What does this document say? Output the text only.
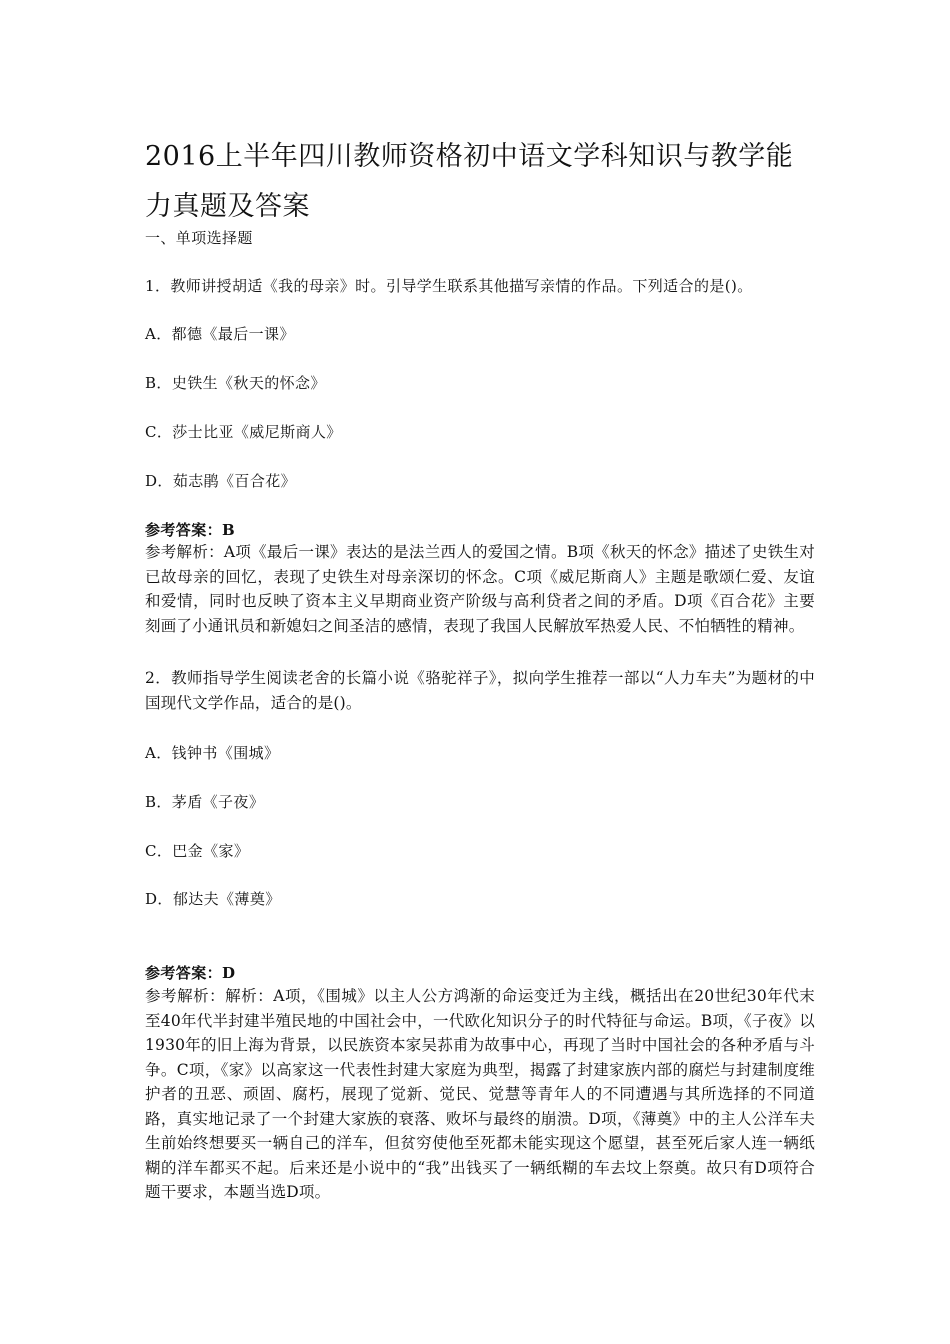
2016上半年四川教师资格初中语文学科知识与教学能力真题及答案
一、单项选择题
1．教师讲授胡适《我的母亲》时。引导学生联系其他描写亲情的作品。下列适合的是()。
A．都德《最后一课》
B．史铁生《秋天的怀念》
C．莎士比亚《威尼斯商人》
D．茹志鹃《百合花》
参考答案：B
参考解析：A项《最后一课》表达的是法兰西人的爱国之情。B项《秋天的怀念》描述了史铁生对已故母亲的回忆，表现了史铁生对母亲深切的怀念。C项《威尼斯商人》主题是歌颂仁爱、友谊和爱情，同时也反映了资本主义早期商业资产阶级与高利贷者之间的矛盾。D项《百合花》主要刻画了小通讯员和新媳妇之间圣洁的感情，表现了我国人民解放军热爱人民、不怕牺牲的精神。
2．教师指导学生阅读老舍的长篇小说《骆驼祥子》，拟向学生推荐一部以“人力车夫”为题材的中国现代文学作品，适合的是()。
A．钱钟书《围城》
B．茅盾《子夜》
C．巴金《家》
D．郁达夫《薄奠》
参考答案：D
参考解析：解析：A项，《围城》以主人公方鸿渐的命运变迁为主线，概括出在20世纪30年代末至40年代半封建半殖民地的中国社会中，一代欧化知识分子的时代特征与命运。B项，《子夜》以1930年的旧上海为背景，以民族资本家吴荪甫为故事中心，再现了当时中国社会的各种矛盾与斗争。C项，《家》以高家这一代表性封建大家庭为典型，揭露了封建家族内部的腐烂与封建制度维护者的丑恶、顽固、腐朽，展现了觉新、觉民、觉慧等青年人的不同遭遇与其所选择的不同道路，真实地记录了一个封建大家族的衰落、败坏与最终的崩溃。D项，《薄奠》中的主人公洋车夫生前始终想要买一辆自己的洋车，但贫穷使他至死都未能实现这个愿望，甚至死后家人连一辆纸糊的洋车都买不起。后来还是小说中的“我”出钱买了一辆纸糊的车去坟上祭奠。故只有D项符合题干要求，本题当选D项。
